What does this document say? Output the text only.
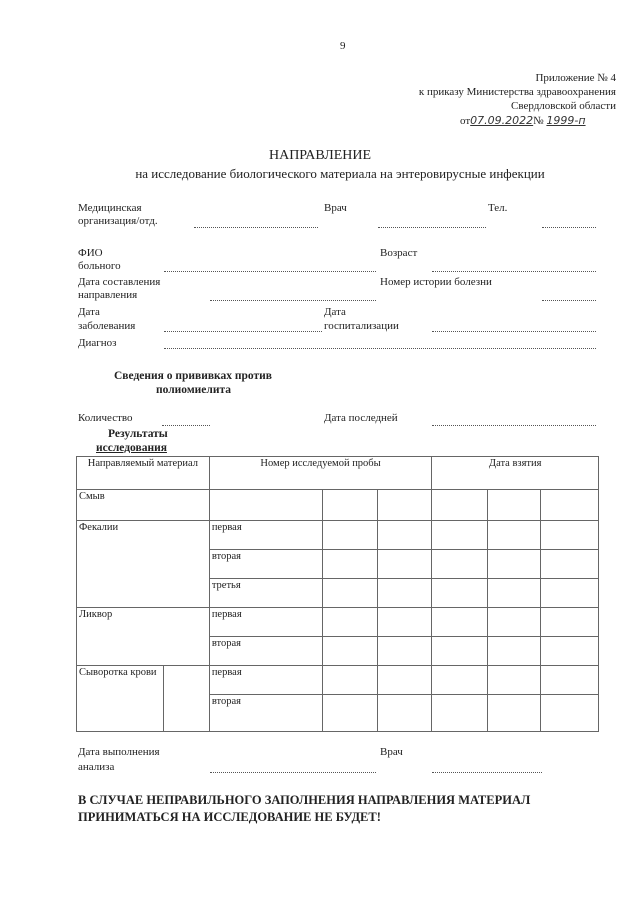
9
Приложение № 4
к приказу Министерства здравоохранения
Свердловской области
от07.09.2022№ 1999-п
НАПРАВЛЕНИЕ
на исследование биологического материала на энтеровирусные инфекции
Медицинская
организация/отд.
Врач	Тел.
ФИО
больного
Возраст
Дата составления
направления
Номер истории болезни
Дата
заболевания
Дата
госпитализации
Диагноз
Сведения о прививках против
полиомиелита
Количество	Дата последней
Результаты
исследования
Направляемый материал		Номер исследуемой пробы			Дата взятия		
Смыв							
Фекалии		первая					
		вторая					
		третья					
Ликвор		первая					
		вторая					
Сыворотка крови		первая					
		вторая					
Дата выполнения
анализа
Врач
В СЛУЧАЕ НЕПРАВИЛЬНОГО ЗАПОЛНЕНИЯ НАПРАВЛЕНИЯ МАТЕРИАЛ
ПРИНИМАТЬСЯ НА ИССЛЕДОВАНИЕ НЕ БУДЕТ!
